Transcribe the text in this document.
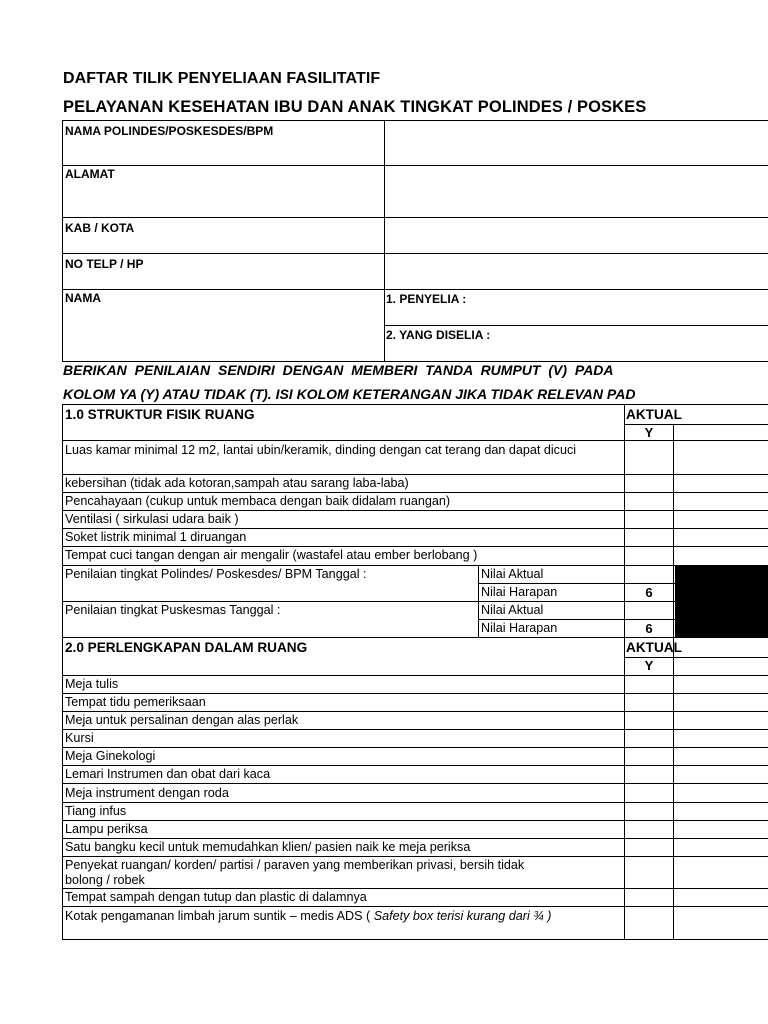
DAFTAR TILIK PENYELIAAN FASILITATIF
PELAYANAN KESEHATAN IBU DAN ANAK TINGKAT POLINDES / POSKES
NAMA POLINDES/POSKESDES/BPM
ALAMAT
KAB / KOTA
NO TELP / HP
NAMA	1. PENYELIA :
2. YANG DISELIA :
BERIKAN PENILAIAN SENDIRI DENGAN MEMBERI TANDA RUMPUT (V) PADA
KOLOM YA (Y) ATAU TIDAK (T). ISI KOLOM KETERANGAN JIKA TIDAK RELEVAN PAD
1.0 STRUKTUR FISIK RUANG	AKTUAL
Y
Luas kamar minimal 12 m2, lantai ubin/keramik, dinding dengan cat terang dan dapat dicuci
kebersihan (tidak ada kotoran,sampah atau sarang laba-laba)
Pencahayaan (cukup untuk membaca dengan baik didalam ruangan)
Ventilasi ( sirkulasi udara baik )
Soket listrik minimal 1 diruangan
Tempat cuci tangan dengan air mengalir (wastafel atau ember berlobang )
Penilaian tingkat Polindes/ Poskesdes/ BPM Tanggal :	Nilai Aktual
Nilai Harapan	6
Penilaian tingkat Puskesmas Tanggal :	Nilai Aktual
Nilai Harapan	6
2.0 PERLENGKAPAN DALAM RUANG	AKTUAL
Y
Meja tulis
Tempat tidu pemeriksaan
Meja untuk persalinan dengan alas perlak
Kursi
Meja Ginekologi
Lemari Instrumen dan obat dari kaca
Meja instrument dengan roda
Tiang infus
Lampu periksa
Satu bangku kecil untuk memudahkan klien/ pasien naik ke meja periksa
Penyekat ruangan/ korden/ partisi / paraven yang memberikan privasi, bersih tidak
bolong / robek
Tempat sampah dengan tutup dan plastic di dalamnya
Kotak pengamanan limbah jarum suntik – medis ADS ( Safety box terisi kurang dari ¾ )
